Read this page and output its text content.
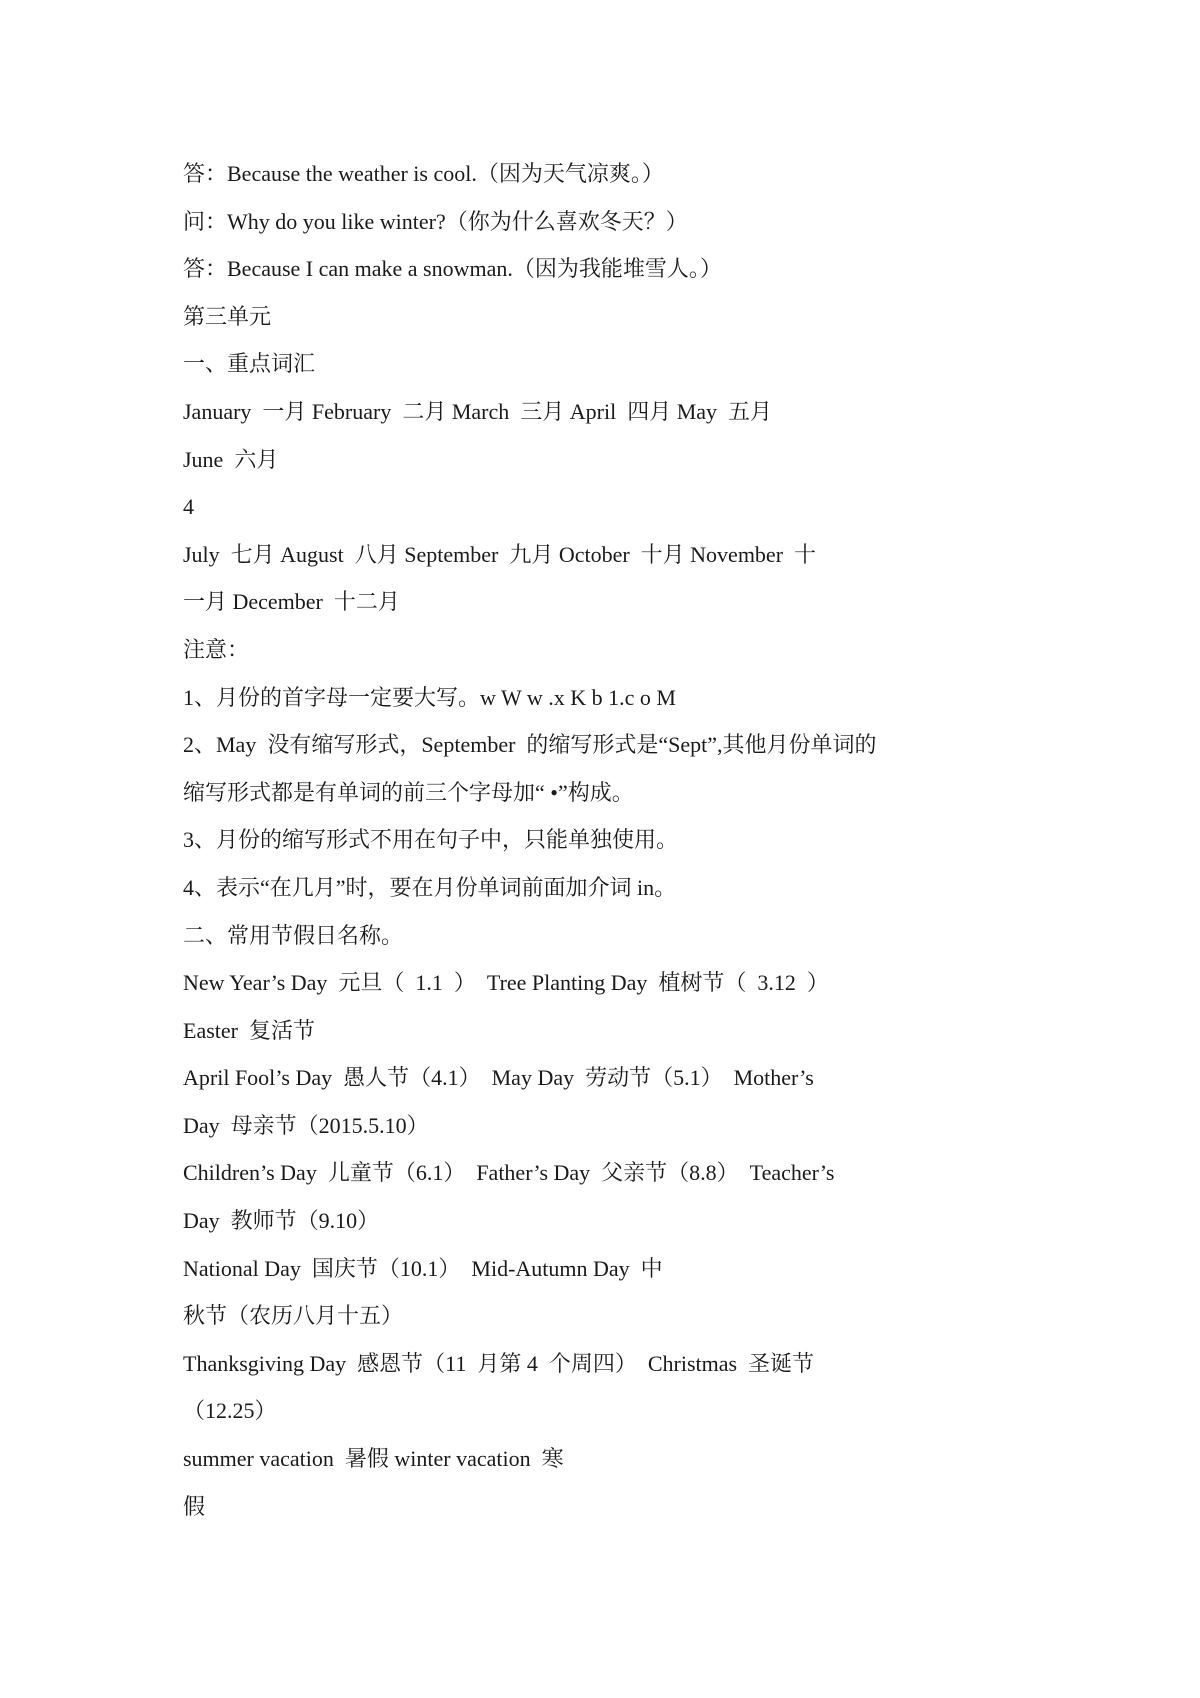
答：Because the weather is cool.（因为天气凉爽。）

问：Why do you like winter?（你为什么喜欢冬天？）

答：Because I can make a snowman.（因为我能堆雪人。）

第三单元

一、重点词汇

January  一月 February  二月 March  三月 April  四月 May  五月

June  六月

4

July  七月 August  八月 September  九月 October  十月 November  十

一月 December  十二月

注意：

1、月份的首字母一定要大写。w W w .x K b 1.c o M

2、May  没有缩写形式，September  的缩写形式是“Sept”,其他月份单词的

缩写形式都是有单词的前三个字母加“ •”构成。

3、月份的缩写形式不用在句子中，只能单独使用。

4、表示“在几月”时，要在月份单词前面加介词 in。

二、常用节假日名称。

New Year’s Day  元旦（  1.1  ）  Tree Planting Day  植树节（  3.12  ）

Easter  复活节

April Fool’s Day  愚人节（4.1）  May Day  劳动节（5.1）  Mother’s

Day  母亲节（2015.5.10）

Children’s Day  儿童节（6.1）  Father’s Day  父亲节（8.8）  Teacher’s

Day  教师节（9.10）

National Day  国庆节（10.1）  Mid-Autumn Day  中

秋节（农历八月十五）

Thanksgiving Day  感恩节（11  月第 4  个周四）  Christmas  圣诞节

（12.25）

summer vacation  暑假 winter vacation  寒

假
